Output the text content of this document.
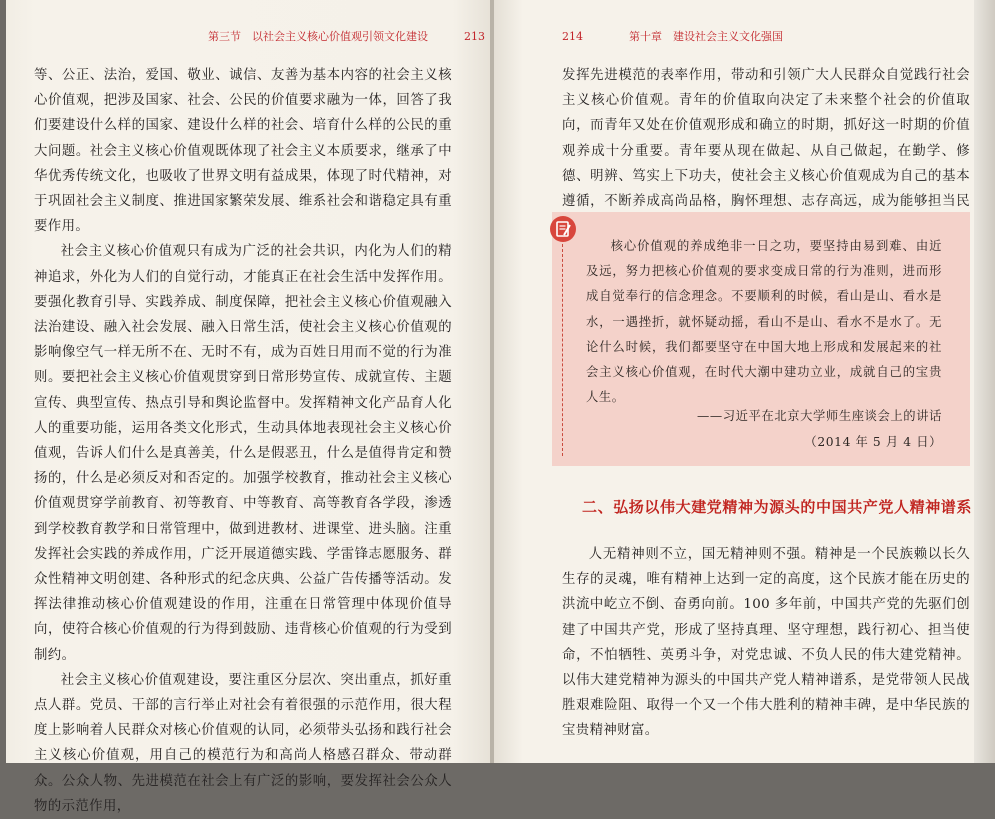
第三节　以社会主义核心价值观引领文化建设	213

等、公正、法治，爱国、敬业、诚信、友善为基本内容的社会主义核心价值观，把涉及国家、社会、公民的价值要求融为一体，回答了我们要建设什么样的国家、建设什么样的社会、培育什么样的公民的重大问题。社会主义核心价值观既体现了社会主义本质要求，继承了中华优秀传统文化，也吸收了世界文明有益成果，体现了时代精神，对于巩固社会主义制度、推进国家繁荣发展、维系社会和谐稳定具有重要作用。

社会主义核心价值观只有成为广泛的社会共识，内化为人们的精神追求，外化为人们的自觉行动，才能真正在社会生活中发挥作用。要强化教育引导、实践养成、制度保障，把社会主义核心价值观融入法治建设、融入社会发展、融入日常生活，使社会主义核心价值观的影响像空气一样无所不在、无时不有，成为百姓日用而不觉的行为准则。要把社会主义核心价值观贯穿到日常形势宣传、成就宣传、主题宣传、典型宣传、热点引导和舆论监督中。发挥精神文化产品育人化人的重要功能，运用各类文化形式，生动具体地表现社会主义核心价值观，告诉人们什么是真善美，什么是假恶丑，什么是值得肯定和赞扬的，什么是必须反对和否定的。加强学校教育，推动社会主义核心价值观贯穿学前教育、初等教育、中等教育、高等教育各学段，渗透到学校教育教学和日常管理中，做到进教材、进课堂、进头脑。注重发挥社会实践的养成作用，广泛开展道德实践、学雷锋志愿服务、群众性精神文明创建、各种形式的纪念庆典、公益广告传播等活动。发挥法律推动核心价值观建设的作用，注重在日常管理中体现价值导向，使符合核心价值观的行为得到鼓励、违背核心价值观的行为受到制约。

社会主义核心价值观建设，要注重区分层次、突出重点，抓好重点人群。党员、干部的言行举止对社会有着很强的示范作用，很大程度上影响着人民群众对核心价值观的认同，必须带头弘扬和践行社会主义核心价值观，用自己的模范行为和高尚人格感召群众、带动群众。公众人物、先进模范在社会上有广泛的影响，要发挥社会公众人物的示范作用，

214	第十章　建设社会主义文化强国

发挥先进模范的表率作用，带动和引领广大人民群众自觉践行社会主义核心价值观。青年的价值取向决定了未来整个社会的价值取向，而青年又处在价值观形成和确立的时期，抓好这一时期的价值观养成十分重要。青年要从现在做起、从自己做起，在勤学、修德、明辨、笃实上下功夫，使社会主义核心价值观成为自己的基本遵循，不断养成高尚品格，胸怀理想、志存高远，成为能够担当民

核心价值观的养成绝非一日之功，要坚持由易到难、由近及远，努力把核心价值观的要求变成日常的行为准则，进而形成自觉奉行的信念理念。不要顺利的时候，看山是山、看水是水，一遇挫折，就怀疑动摇，看山不是山、看水不是水了。无论什么时候，我们都要坚守在中国大地上形成和发展起来的社会主义核心价值观，在时代大潮中建功立业，成就自己的宝贵人生。

——习近平在北京大学师生座谈会上的讲话
（2014 年 5 月 4 日）
二、弘扬以伟大建党精神为源头的中国共产党人精神谱系

人无精神则不立，国无精神则不强。精神是一个民族赖以长久生存的灵魂，唯有精神上达到一定的高度，这个民族才能在历史的洪流中屹立不倒、奋勇向前。100 多年前，中国共产党的先驱们创建了中国共产党，形成了坚持真理、坚守理想，践行初心、担当使命，不怕牺牲、英勇斗争，对党忠诚、不负人民的伟大建党精神。以伟大建党精神为源头的中国共产党人精神谱系，是党带领人民战胜艰难险阻、取得一个又一个伟大胜利的精神丰碑，是中华民族的宝贵精神财富。
